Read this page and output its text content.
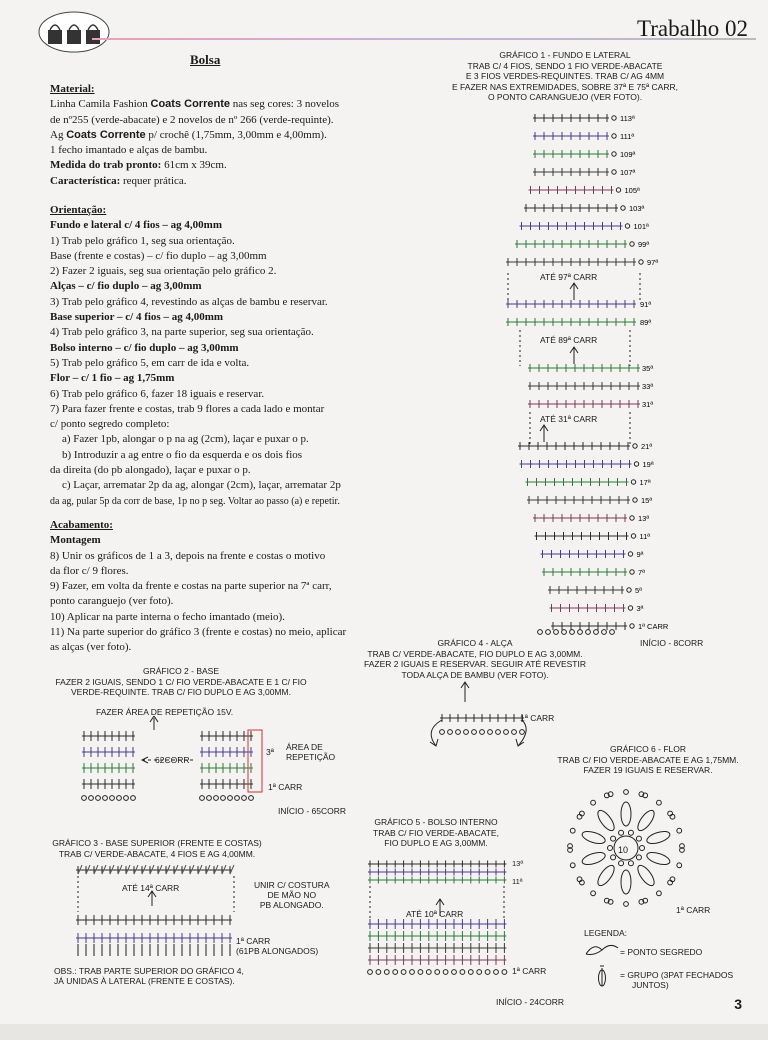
Trabalho 02
Bolsa

Material:

Linha Camila Fashion Coats Corrente nas seg cores: 3 novelos

de nº255 (verde-abacate) e 2 novelos de nº 266 (verde-requinte).

Ag Coats Corrente p/ crochê (1,75mm, 3,00mm e 4,00mm).

1 fecho imantado e alças de bambu.

Medida do trab pronto: 61cm x 39cm.

Característica: requer prática.

Orientação:

Fundo e lateral c/ 4 fios – ag 4,00mm

1) Trab pelo gráfico 1, seg sua orientação.

Base (frente e costas) – c/ fio duplo – ag 3,00mm

2) Fazer 2 iguais, seg sua orientação pelo gráfico 2.

Alças – c/ fio duplo – ag 3,00mm

3) Trab pelo gráfico 4, revestindo as alças de bambu e reservar.

Base superior – c/ 4 fios – ag 4,00mm

4) Trab pelo gráfico 3, na parte superior, seg sua orientação.

Bolso interno – c/ fio duplo – ag 3,00mm

5) Trab pelo gráfico 5, em carr de ida e volta.

Flor – c/ 1 fio – ag 1,75mm

6) Trab pelo gráfico 6, fazer 18 iguais e reservar.

7) Para fazer frente e costas, trab 9 flores a cada lado e montar

c/ ponto segredo completo:

a) Fazer 1pb, alongar o p na ag (2cm), laçar e puxar o p.

b) Introduzir a ag entre o fio da esquerda e os dois fios

da direita (do pb alongado), laçar e puxar o p.

c) Laçar, arrematar 2p da ag, alongar (2cm), laçar, arrematar 2p

da ag, pular 5p da corr de base, 1p no p seg. Voltar ao passo (a) e repetir.

Acabamento:

Montagem

8) Unir os gráficos de 1 a 3, depois na frente e costas o motivo

da flor c/ 9 flores.

9) Fazer, em volta da frente e costas na parte superior na 7ª carr,

ponto caranguejo (ver foto).

10) Aplicar na parte interna o fecho imantado (meio).

11) Na parte superior do gráfico 3 (frente e costas) no meio, aplicar

as alças (ver foto).

GRÁFICO 1 - FUNDO E LATERAL
TRAB C/ 4 FIOS, SENDO 1 FIO VERDE-ABACATE
E 3 FIOS VERDES-REQUINTES. TRAB C/ AG 4MM
E FAZER NAS EXTREMIDADES, SOBRE 37ª E 75ª CARR,
O PONTO CARANGUEJO (VER FOTO).
113ª
111ª
109ª
107ª
105ª
103ª
101ª
99ª
97ª
91ª
89ª
35ª
33ª
31ª
21ª
19ª
17ª
15ª
13ª
11ª
9ª
7ª
5ª
3ª
1ª CARR
ATÉ 97ª CARR
ATÉ 89ª CARR
ATÉ 31ª CARR
INÍCIO - 8CORR
GRÁFICO 4 - ALÇA
TRAB C/ VERDE-ABACATE, FIO DUPLO E AG 3,00MM.
FAZER 2 IGUAIS E RESERVAR. SEGUIR ATÉ REVESTIR
TODA ALÇA DE BAMBU (VER FOTO).
1ª CARR
GRÁFICO 2 - BASE
FAZER 2 IGUAIS, SENDO 1 C/ FIO VERDE-ABACATE E 1 C/ FIO
VERDE-REQUINTE. TRAB C/ FIO DUPLO E AG 3,00MM.
FAZER ÁREA DE REPETIÇÃO 15V.
62CORR
3ª ÁREA DE
REPETIÇÃO
1ª CARR
INÍCIO - 65CORR
GRÁFICO 3 - BASE SUPERIOR (FRENTE E COSTAS)
TRAB C/ VERDE-ABACATE, 4 FIOS E AG 4,00MM.
ATÉ 14ª CARR	UNIR C/ COSTURA
DE MÃO NO
PB ALONGADO.
1ª CARR
(61PB ALONGADOS)
OBS.: TRAB PARTE SUPERIOR DO GRÁFICO 4,
JÁ UNIDAS À LATERAL (FRENTE E COSTAS).
GRÁFICO 5 - BOLSO INTERNO
TRAB C/ FIO VERDE-ABACATE,
FIO DUPLO E AG 3,00MM.
13ª
11ª
ATÉ 10ª CARR
1ª CARR
INÍCIO - 24CORR
GRÁFICO 6 - FLOR
TRAB C/ FIO VERDE-ABACATE E AG 1,75MM.
FAZER 19 IGUAIS E RESERVAR.
10
1ª CARR
LEGENDA:
= PONTO SEGREDO
= GRUPO (3PAT FECHADOS
JUNTOS)
3
